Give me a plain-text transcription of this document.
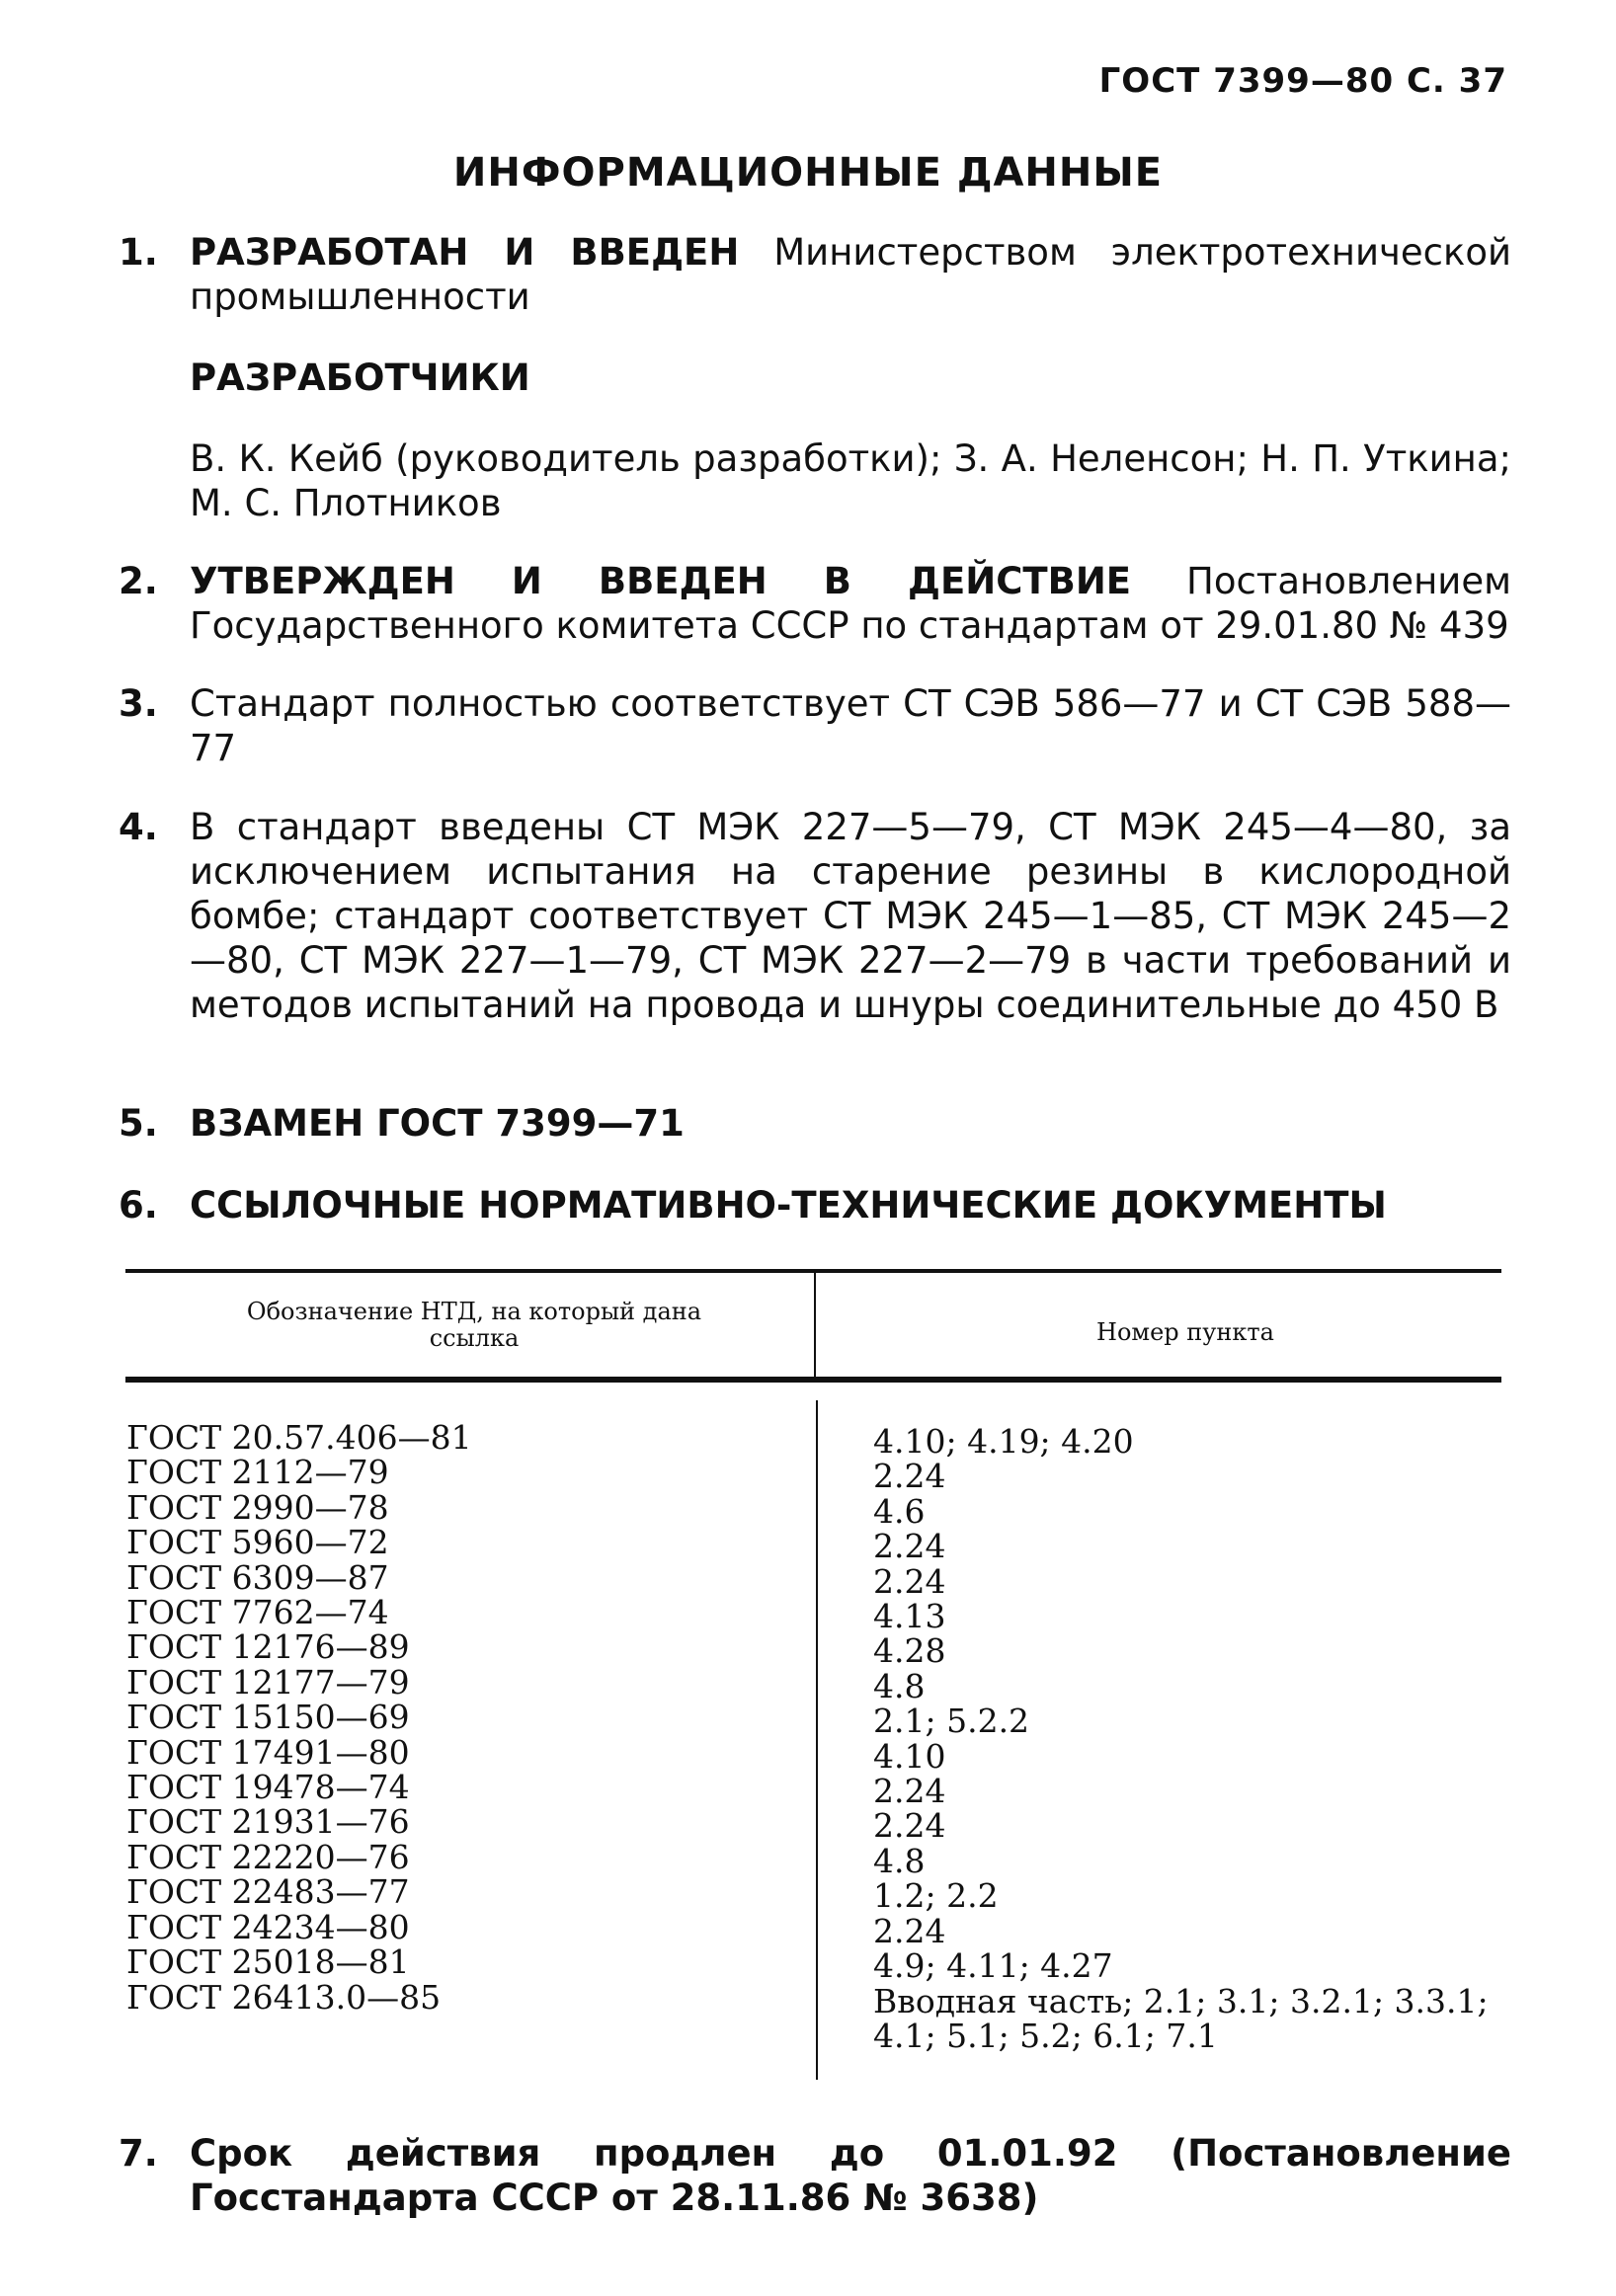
ГОСТ 7399—80 С. 37
ИНФОРМАЦИОННЫЕ ДАННЫЕ
1. РАЗРАБОТАН И ВВЕДЕН Министерством электротехнической промышленности
РАЗРАБОТЧИКИ
В. К. Кейб (руководитель разработки); З. А. Неленсон; Н. П. Уткина; М. С. Плотников
2. УТВЕРЖДЕН И ВВЕДЕН В ДЕЙСТВИЕ Постановлением Государственного комитета СССР по стандартам от 29.01.80 № 439
3. Стандарт полностью соответствует СТ СЭВ 586—77 и СТ СЭВ 588—77
4. В стандарт введены СТ МЭК 227—5—79, СТ МЭК 245—4—80, за исключением испытания на старение резины в кислородной бомбе; стандарт соответствует СТ МЭК 245—1—85, СТ МЭК 245—2—80, СТ МЭК 227—1—79, СТ МЭК 227—2—79 в части требований и методов испытаний на провода и шнуры соединительные до 450 В
5. ВЗАМЕН ГОСТ 7399—71
6. ССЫЛОЧНЫЕ НОРМАТИВНО-ТЕХНИЧЕСКИЕ ДОКУМЕНТЫ
Обозначение НТД, на который дана ссылка	Номер пункта
ГОСТ 20.57.406—81
ГОСТ 2112—79
ГОСТ 2990—78
ГОСТ 5960—72
ГОСТ 6309—87
ГОСТ 7762—74
ГОСТ 12176—89
ГОСТ 12177—79
ГОСТ 15150—69
ГОСТ 17491—80
ГОСТ 19478—74
ГОСТ 21931—76
ГОСТ 22220—76
ГОСТ 22483—77
ГОСТ 24234—80
ГОСТ 25018—81
ГОСТ 26413.0—85
4.10; 4.19; 4.20
2.24
4.6
2.24
2.24
4.13
4.28
4.8
2.1; 5.2.2
4.10
2.24
2.24
4.8
1.2; 2.2
2.24
4.9; 4.11; 4.27
Вводная часть; 2.1; 3.1; 3.2.1; 3.3.1; 4.1; 5.1; 5.2; 6.1; 7.1
7. Срок действия продлен до 01.01.92 (Постановление Госстандарта СССР от 28.11.86 № 3638)
